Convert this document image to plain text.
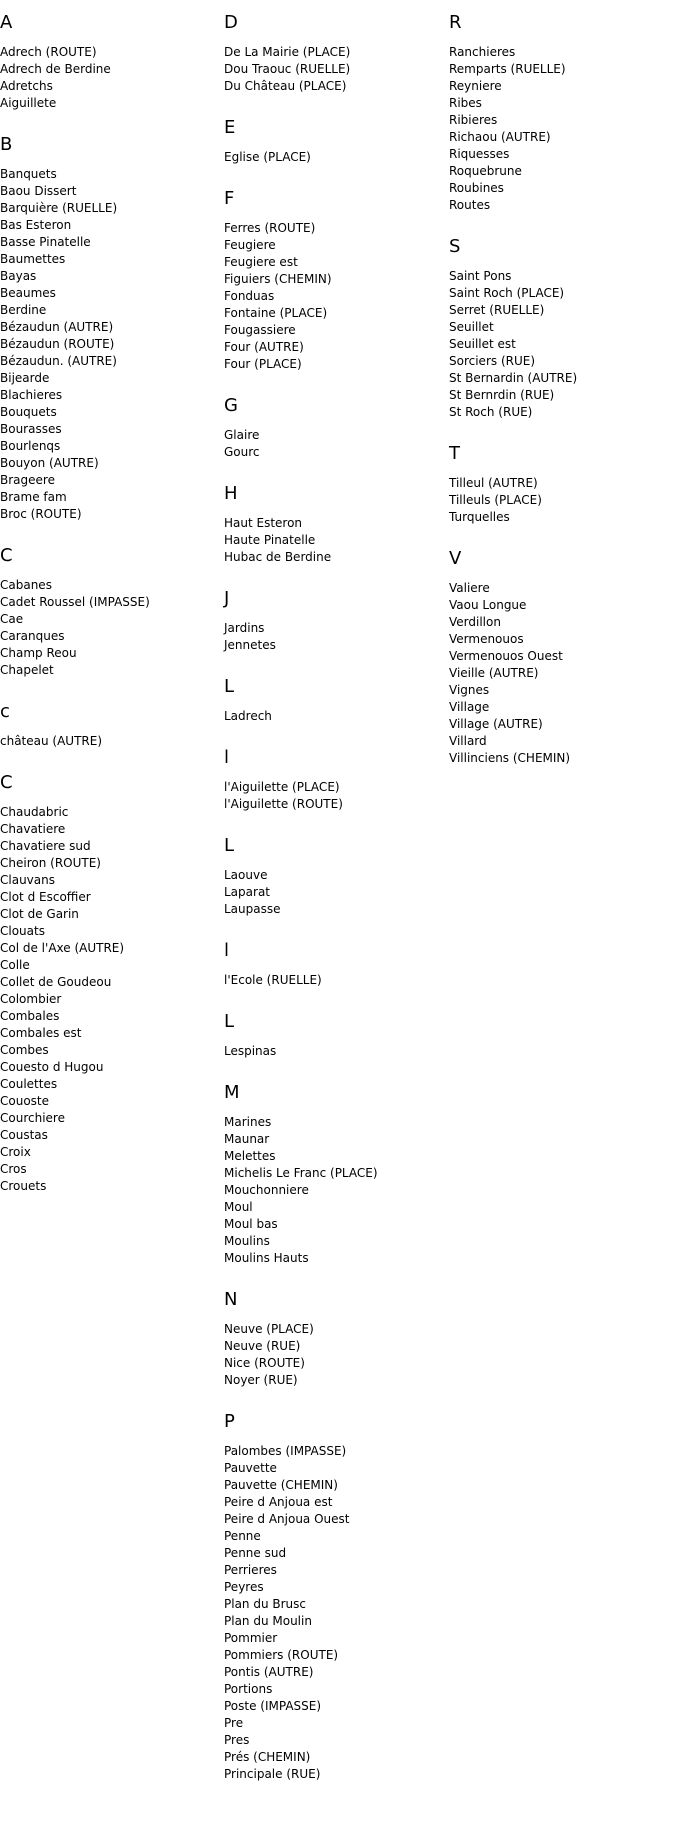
A
Adrech (ROUTE)
Adrech de Berdine
Adretchs
Aiguillete
B
Banquets
Baou Dissert
Barquière (RUELLE)
Bas Esteron
Basse Pinatelle
Baumettes
Bayas
Beaumes
Berdine
Bézaudun (AUTRE)
Bézaudun (ROUTE)
Bézaudun. (AUTRE)
Bijearde
Blachieres
Bouquets
Bourasses
Bourlenqs
Bouyon (AUTRE)
Brageere
Brame fam
Broc (ROUTE)
C
Cabanes
Cadet Roussel (IMPASSE)
Cae
Caranques
Champ Reou
Chapelet
c
château (AUTRE)
C
Chaudabric
Chavatiere
Chavatiere sud
Cheiron (ROUTE)
Clauvans
Clot d Escoffier
Clot de Garin
Clouats
Col de l'Axe (AUTRE)
Colle
Collet de Goudeou
Colombier
Combales
Combales est
Combes
Couesto d Hugou
Coulettes
Couoste
Courchiere
Coustas
Croix
Cros
Crouets
D
De La Mairie (PLACE)
Dou Traouc (RUELLE)
Du Château (PLACE)
E
Eglise (PLACE)
F
Ferres (ROUTE)
Feugiere
Feugiere est
Figuiers (CHEMIN)
Fonduas
Fontaine (PLACE)
Fougassiere
Four (AUTRE)
Four (PLACE)
G
Glaire
Gourc
H
Haut Esteron
Haute Pinatelle
Hubac de Berdine
J
Jardins
Jennetes
L
Ladrech
l
l'Aiguilette (PLACE)
l'Aiguilette (ROUTE)
L
Laouve
Laparat
Laupasse
l
l'Ecole (RUELLE)
L
Lespinas
M
Marines
Maunar
Melettes
Michelis Le Franc (PLACE)
Mouchonniere
Moul
Moul bas
Moulins
Moulins Hauts
N
Neuve (PLACE)
Neuve (RUE)
Nice (ROUTE)
Noyer (RUE)
P
Palombes (IMPASSE)
Pauvette
Pauvette (CHEMIN)
Peire d Anjoua est
Peire d Anjoua Ouest
Penne
Penne sud
Perrieres
Peyres
Plan du Brusc
Plan du Moulin
Pommier
Pommiers (ROUTE)
Pontis (AUTRE)
Portions
Poste (IMPASSE)
Pre
Pres
Prés (CHEMIN)
Principale (RUE)
R
Ranchieres
Remparts (RUELLE)
Reyniere
Ribes
Ribieres
Richaou (AUTRE)
Riquesses
Roquebrune
Roubines
Routes
S
Saint Pons
Saint Roch (PLACE)
Serret (RUELLE)
Seuillet
Seuillet est
Sorciers (RUE)
St Bernardin (AUTRE)
St Bernrdin (RUE)
St Roch (RUE)
T
Tilleul (AUTRE)
Tilleuls (PLACE)
Turquelles
V
Valiere
Vaou Longue
Verdillon
Vermenouos
Vermenouos Ouest
Vieille (AUTRE)
Vignes
Village
Village (AUTRE)
Villard
Villinciens (CHEMIN)
